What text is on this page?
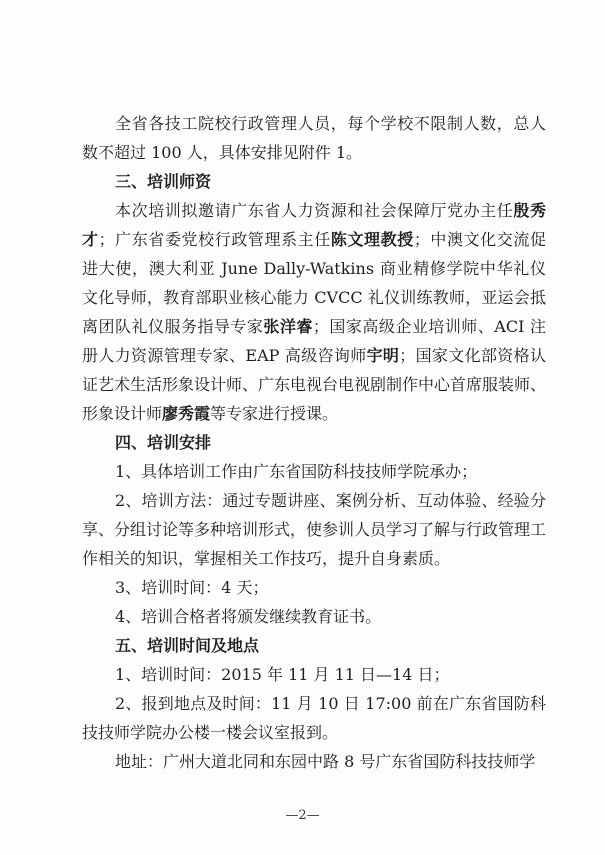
全省各技工院校行政管理人员，每个学校不限制人数，总人数不超过 100 人，具体安排见附件 1。

三、培训师资

本次培训拟邀请广东省人力资源和社会保障厅党办主任殷秀才；广东省委党校行政管理系主任陈文理教授；中澳文化交流促进大使，澳大利亚 June Dally-Watkins 商业精修学院中华礼仪文化导师，教育部职业核心能力 CVCC 礼仪训练教师，亚运会抵离团队礼仪服务指导专家张洋睿；国家高级企业培训师、ACI 注册人力资源管理专家、EAP 高级咨询师宇明；国家文化部资格认证艺术生活形象设计师、广东电视台电视剧制作中心首席服装师、形象设计师廖秀霞等专家进行授课。

四、培训安排

1、具体培训工作由广东省国防科技技师学院承办；

2、培训方法：通过专题讲座、案例分析、互动体验、经验分享、分组讨论等多种培训形式，使参训人员学习了解与行政管理工作相关的知识，掌握相关工作技巧，提升自身素质。

3、培训时间：4 天；

4、培训合格者将颁发继续教育证书。

五、培训时间及地点

1、培训时间：2015 年 11 月 11 日—14 日；

2、报到地点及时间：11 月 10 日 17:00 前在广东省国防科技技师学院办公楼一楼会议室报到。

地址：广州大道北同和东园中路 8 号广东省国防科技技师学

—2—
